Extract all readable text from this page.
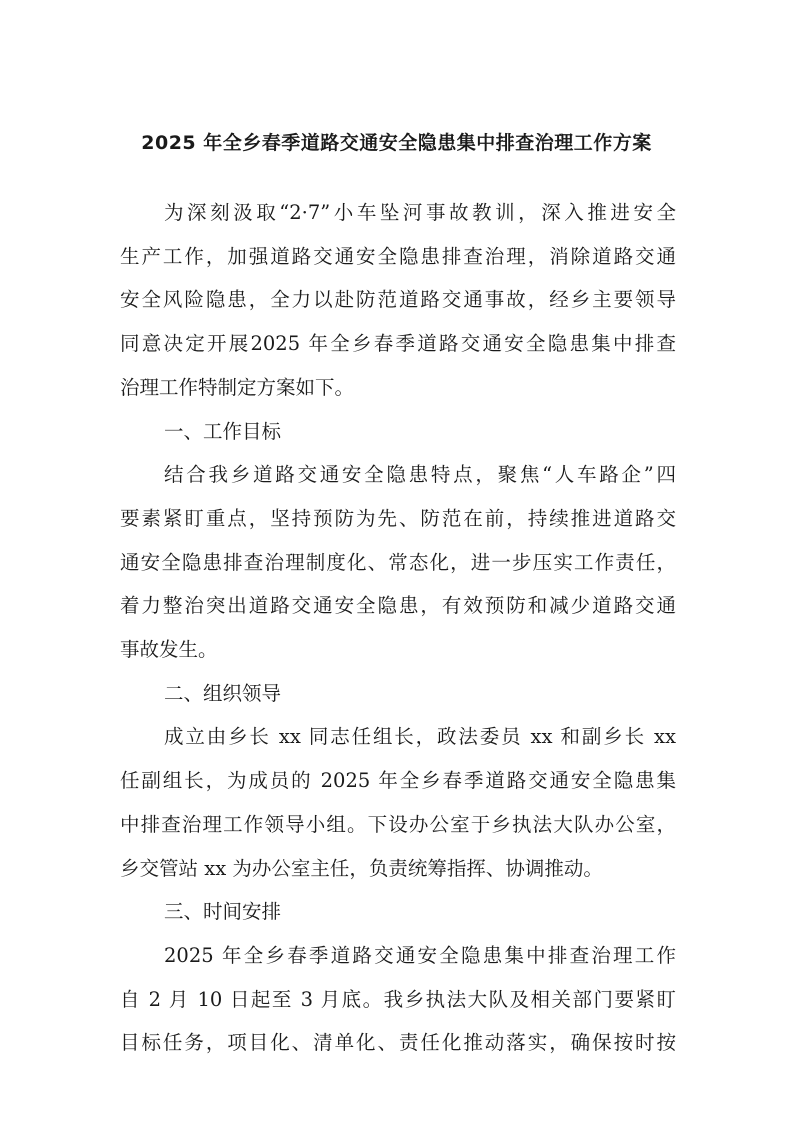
2025 年全乡春季道路交通安全隐患集中排查治理工作方案
为深刻汲取“2·7”小车坠河事故教训，深入推进安全
生产工作，加强道路交通安全隐患排查治理，消除道路交通
安全风险隐患，全力以赴防范道路交通事故，经乡主要领导
同意决定开展2025 年全乡春季道路交通安全隐患集中排查
治理工作特制定方案如下。
一、工作目标
结合我乡道路交通安全隐患特点，聚焦“人车路企”四
要素紧盯重点，坚持预防为先、防范在前，持续推进道路交
通安全隐患排查治理制度化、常态化，进一步压实工作责任，
着力整治突出道路交通安全隐患，有效预防和减少道路交通
事故发生。
二、组织领导
成立由乡长 xx 同志任组长，政法委员 xx 和副乡长 xx
任副组长，为成员的 2025 年全乡春季道路交通安全隐患集
中排查治理工作领导小组。下设办公室于乡执法大队办公室，
乡交管站 xx 为办公室主任，负责统筹指挥、协调推动。
三、时间安排
2025 年全乡春季道路交通安全隐患集中排查治理工作
自 2 月 10 日起至 3 月底。我乡执法大队及相关部门要紧盯
目标任务，项目化、清单化、责任化推动落实，确保按时按
